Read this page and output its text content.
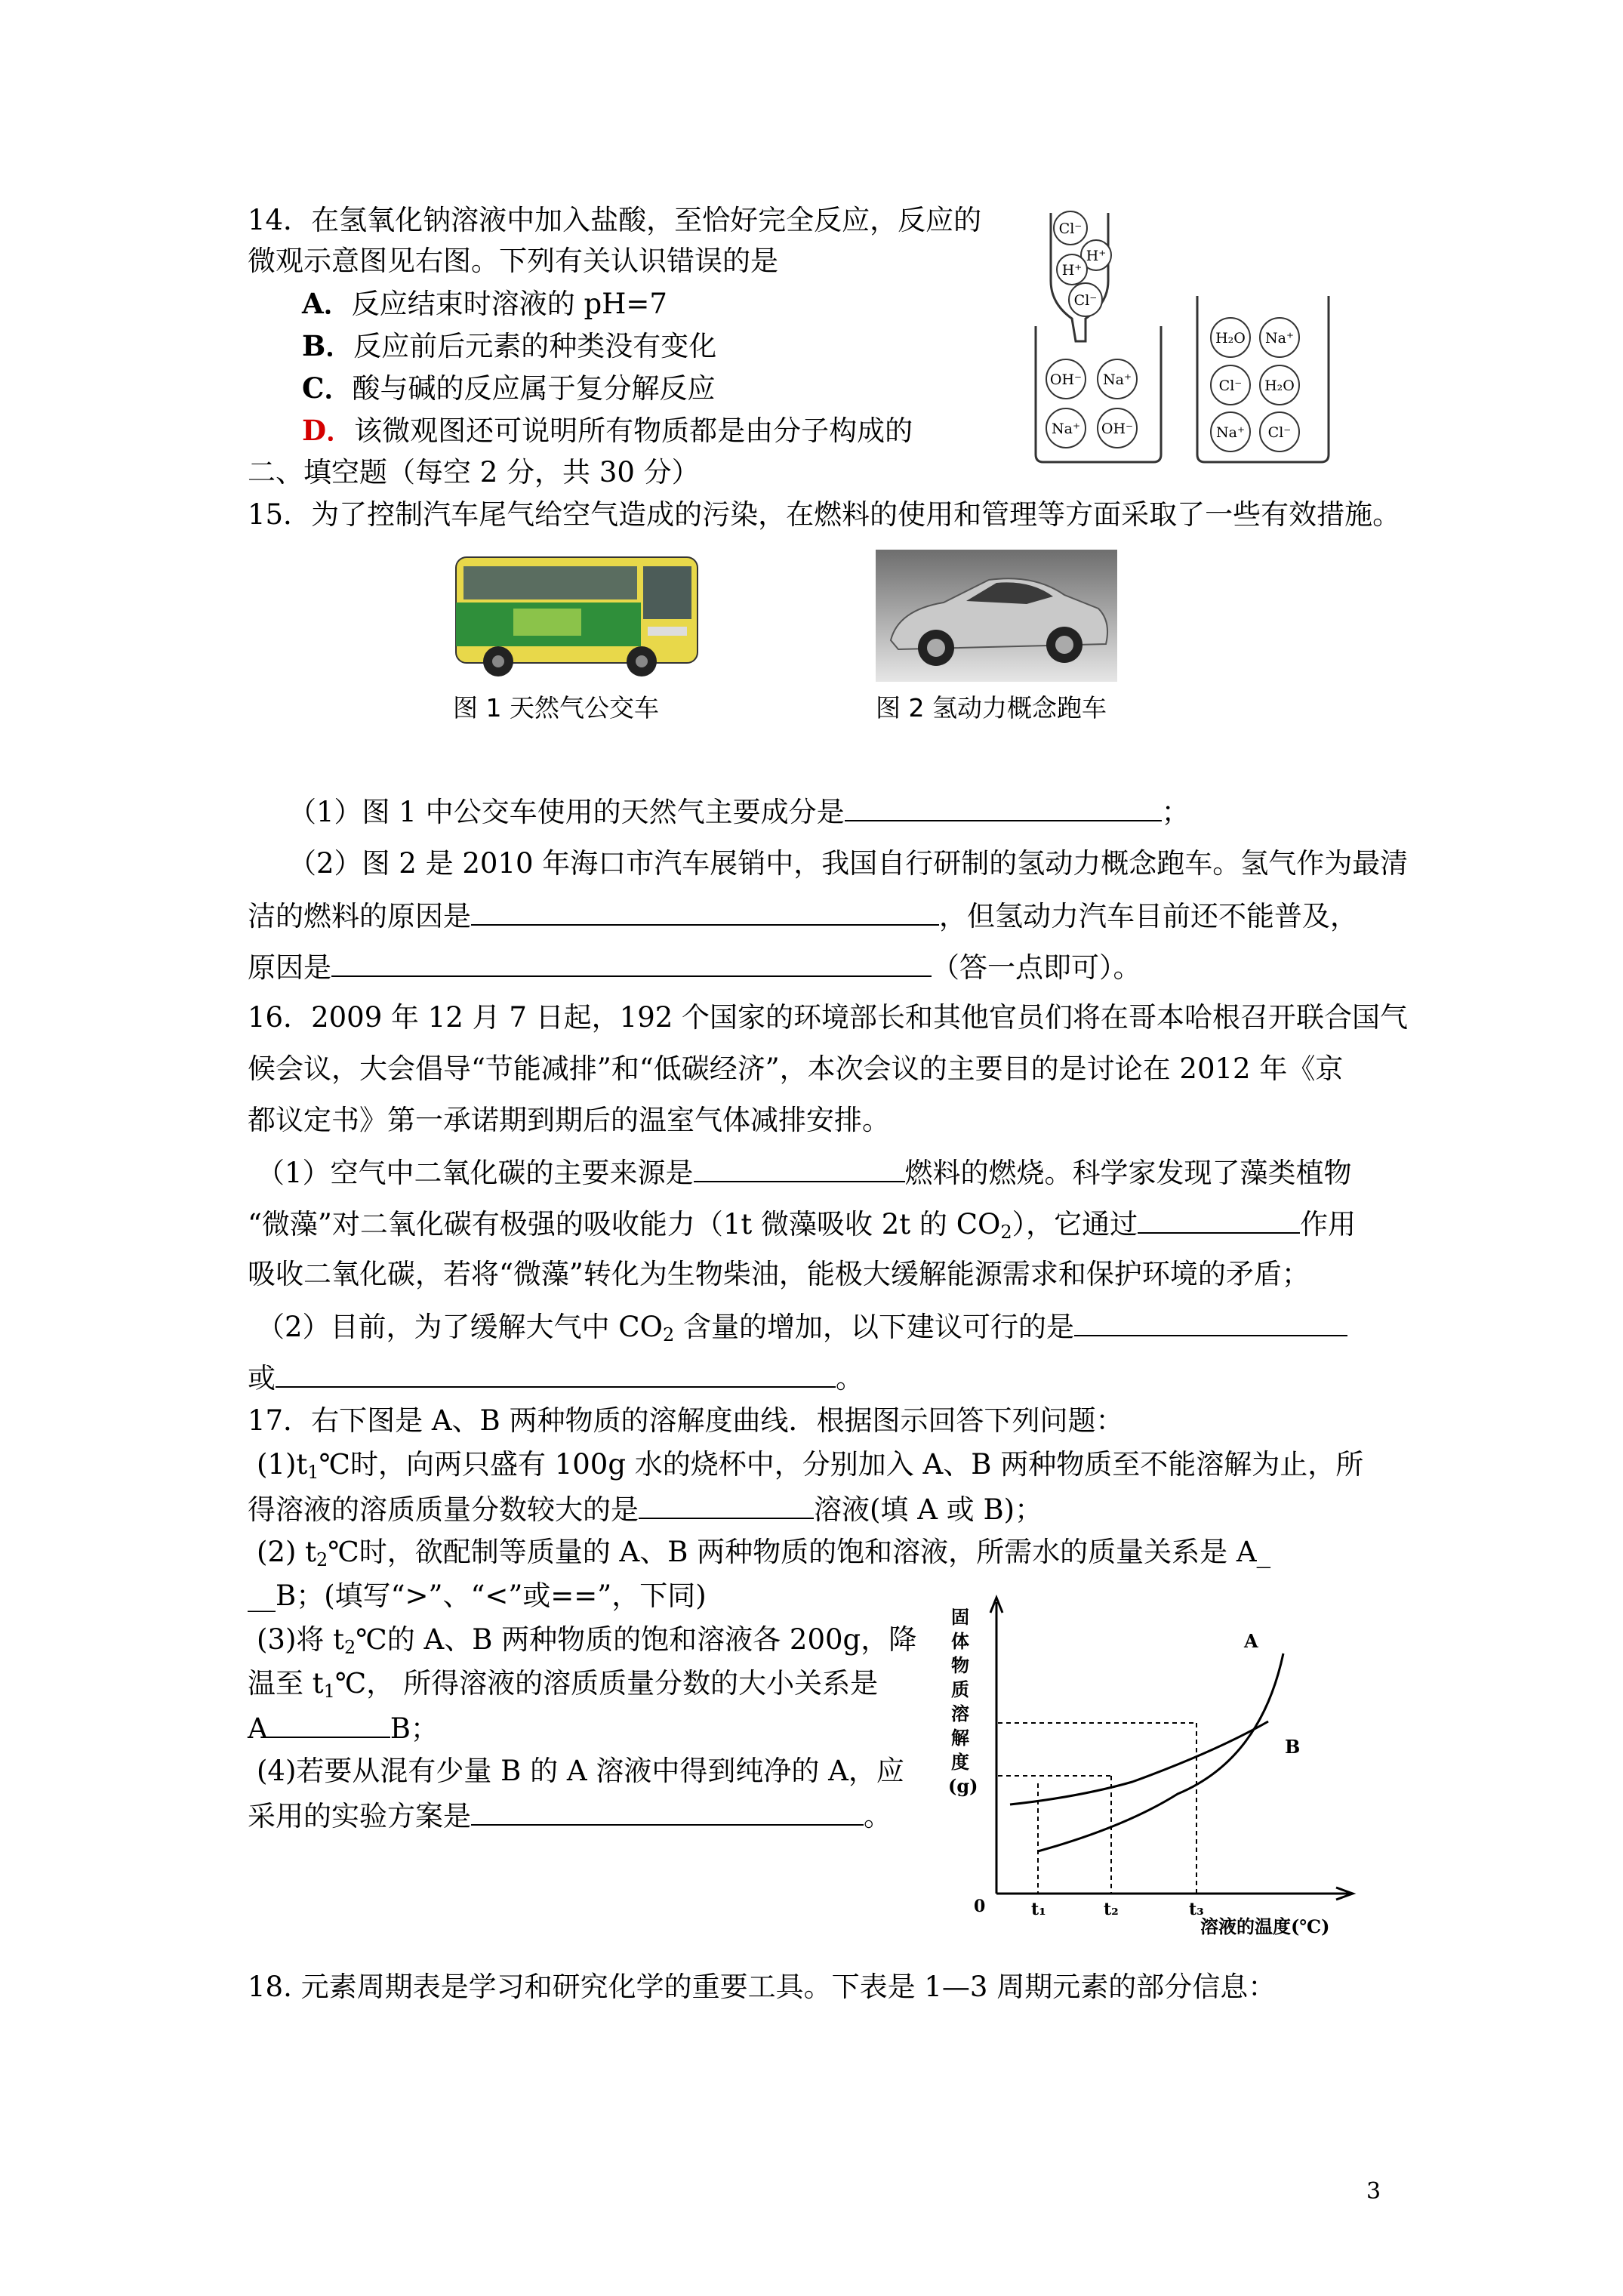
14．在氢氧化钠溶液中加入盐酸，至恰好完全反应，反应的
微观示意图见右图。下列有关认识错误的是
A．反应结束时溶液的 pH=7
B．反应前后元素的种类没有变化
C．酸与碱的反应属于复分解反应
D．该微观图还可说明所有物质都是由分子构成的
Cl⁻
H⁺
H⁺
Cl⁻
OH⁻ Na⁺
Na⁺ OH⁻
H₂O Na⁺
Cl⁻ H₂O
Na⁺ Cl⁻
二、填空题（每空 2 分，共 30 分）
15．为了控制汽车尾气给空气造成的污染，在燃料的使用和管理等方面采取了一些有效措施。
图 1 天然气公交车	图 2 氢动力概念跑车
（1）图 1 中公交车使用的天然气主要成分是	；
（2）图 2 是 2010 年海口市汽车展销中，我国自行研制的氢动力概念跑车。氢气作为最清
洁的燃料的原因是	，但氢动力汽车目前还不能普及，
原因是	（答一点即可）。
16．2009 年 12 月 7 日起，192 个国家的环境部长和其他官员们将在哥本哈根召开联合国气
候会议，大会倡导“节能减排”和“低碳经济”，本次会议的主要目的是讨论在 2012 年《京
都议定书》第一承诺期到期后的温室气体减排安排。
（1）空气中二氧化碳的主要来源是	燃料的燃烧。科学家发现了藻类植物
“微藻”对二氧化碳有极强的吸收能力（1t 微藻吸收 2t 的 $CO_2$），它通过	作用
吸收二氧化碳，若将“微藻”转化为生物柴油，能极大缓解能源需求和保护环境的矛盾；
（2）目前，为了缓解大气中 $CO_2$ 含量的增加，以下建议可行的是
或	。
17．右下图是 A、B 两种物质的溶解度曲线．根据图示回答下列问题：
$(1)t_1℃$时，向两只盛有 100g 水的烧杯中，分别加入 A、B 两种物质至不能溶解为止，所
得溶液的溶质质量分数较大的是	溶液(填 A 或 B)；
(2) $t_2℃$时，欲配制等质量的 A、B 两种物质的饱和溶液，所需水的质量关系是 A_
__B；(填写“>”、“<”或==”，下同)
(3)将 $t_2℃$的 A、B 两种物质的饱和溶液各 200g，降
温至 $t_1℃$， 所得溶液的溶质质量分数的大小关系是
A	B；
(4)若要从混有少量 B 的 A 溶液中得到纯净的 A，应
采用的实验方案是	。
固体物质溶解度(g)
溶液的温度(℃)
0	t₁	t₂	t₃
A
B
18. 元素周期表是学习和研究化学的重要工具。下表是 1—3 周期元素的部分信息：
3
